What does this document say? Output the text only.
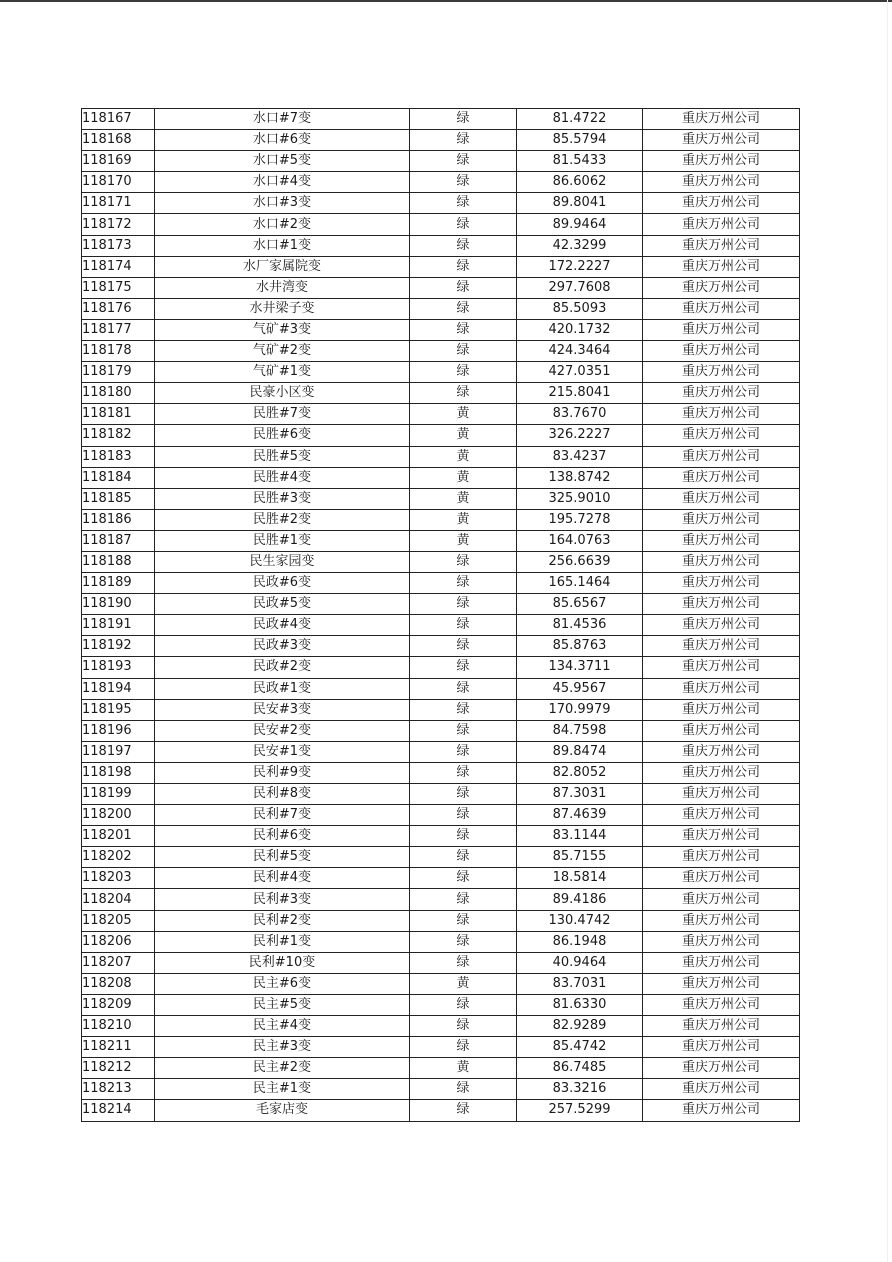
118167	水口#7变	绿	81.4722	重庆万州公司
118168	水口#6变	绿	85.5794	重庆万州公司
118169	水口#5变	绿	81.5433	重庆万州公司
118170	水口#4变	绿	86.6062	重庆万州公司
118171	水口#3变	绿	89.8041	重庆万州公司
118172	水口#2变	绿	89.9464	重庆万州公司
118173	水口#1变	绿	42.3299	重庆万州公司
118174	水厂家属院变	绿	172.2227	重庆万州公司
118175	水井湾变	绿	297.7608	重庆万州公司
118176	水井梁子变	绿	85.5093	重庆万州公司
118177	气矿#3变	绿	420.1732	重庆万州公司
118178	气矿#2变	绿	424.3464	重庆万州公司
118179	气矿#1变	绿	427.0351	重庆万州公司
118180	民豪小区变	绿	215.8041	重庆万州公司
118181	民胜#7变	黄	83.7670	重庆万州公司
118182	民胜#6变	黄	326.2227	重庆万州公司
118183	民胜#5变	黄	83.4237	重庆万州公司
118184	民胜#4变	黄	138.8742	重庆万州公司
118185	民胜#3变	黄	325.9010	重庆万州公司
118186	民胜#2变	黄	195.7278	重庆万州公司
118187	民胜#1变	黄	164.0763	重庆万州公司
118188	民生家园变	绿	256.6639	重庆万州公司
118189	民政#6变	绿	165.1464	重庆万州公司
118190	民政#5变	绿	85.6567	重庆万州公司
118191	民政#4变	绿	81.4536	重庆万州公司
118192	民政#3变	绿	85.8763	重庆万州公司
118193	民政#2变	绿	134.3711	重庆万州公司
118194	民政#1变	绿	45.9567	重庆万州公司
118195	民安#3变	绿	170.9979	重庆万州公司
118196	民安#2变	绿	84.7598	重庆万州公司
118197	民安#1变	绿	89.8474	重庆万州公司
118198	民利#9变	绿	82.8052	重庆万州公司
118199	民利#8变	绿	87.3031	重庆万州公司
118200	民利#7变	绿	87.4639	重庆万州公司
118201	民利#6变	绿	83.1144	重庆万州公司
118202	民利#5变	绿	85.7155	重庆万州公司
118203	民利#4变	绿	18.5814	重庆万州公司
118204	民利#3变	绿	89.4186	重庆万州公司
118205	民利#2变	绿	130.4742	重庆万州公司
118206	民利#1变	绿	86.1948	重庆万州公司
118207	民利#10变	绿	40.9464	重庆万州公司
118208	民主#6变	黄	83.7031	重庆万州公司
118209	民主#5变	绿	81.6330	重庆万州公司
118210	民主#4变	绿	82.9289	重庆万州公司
118211	民主#3变	绿	85.4742	重庆万州公司
118212	民主#2变	黄	86.7485	重庆万州公司
118213	民主#1变	绿	83.3216	重庆万州公司
118214	毛家店变	绿	257.5299	重庆万州公司
